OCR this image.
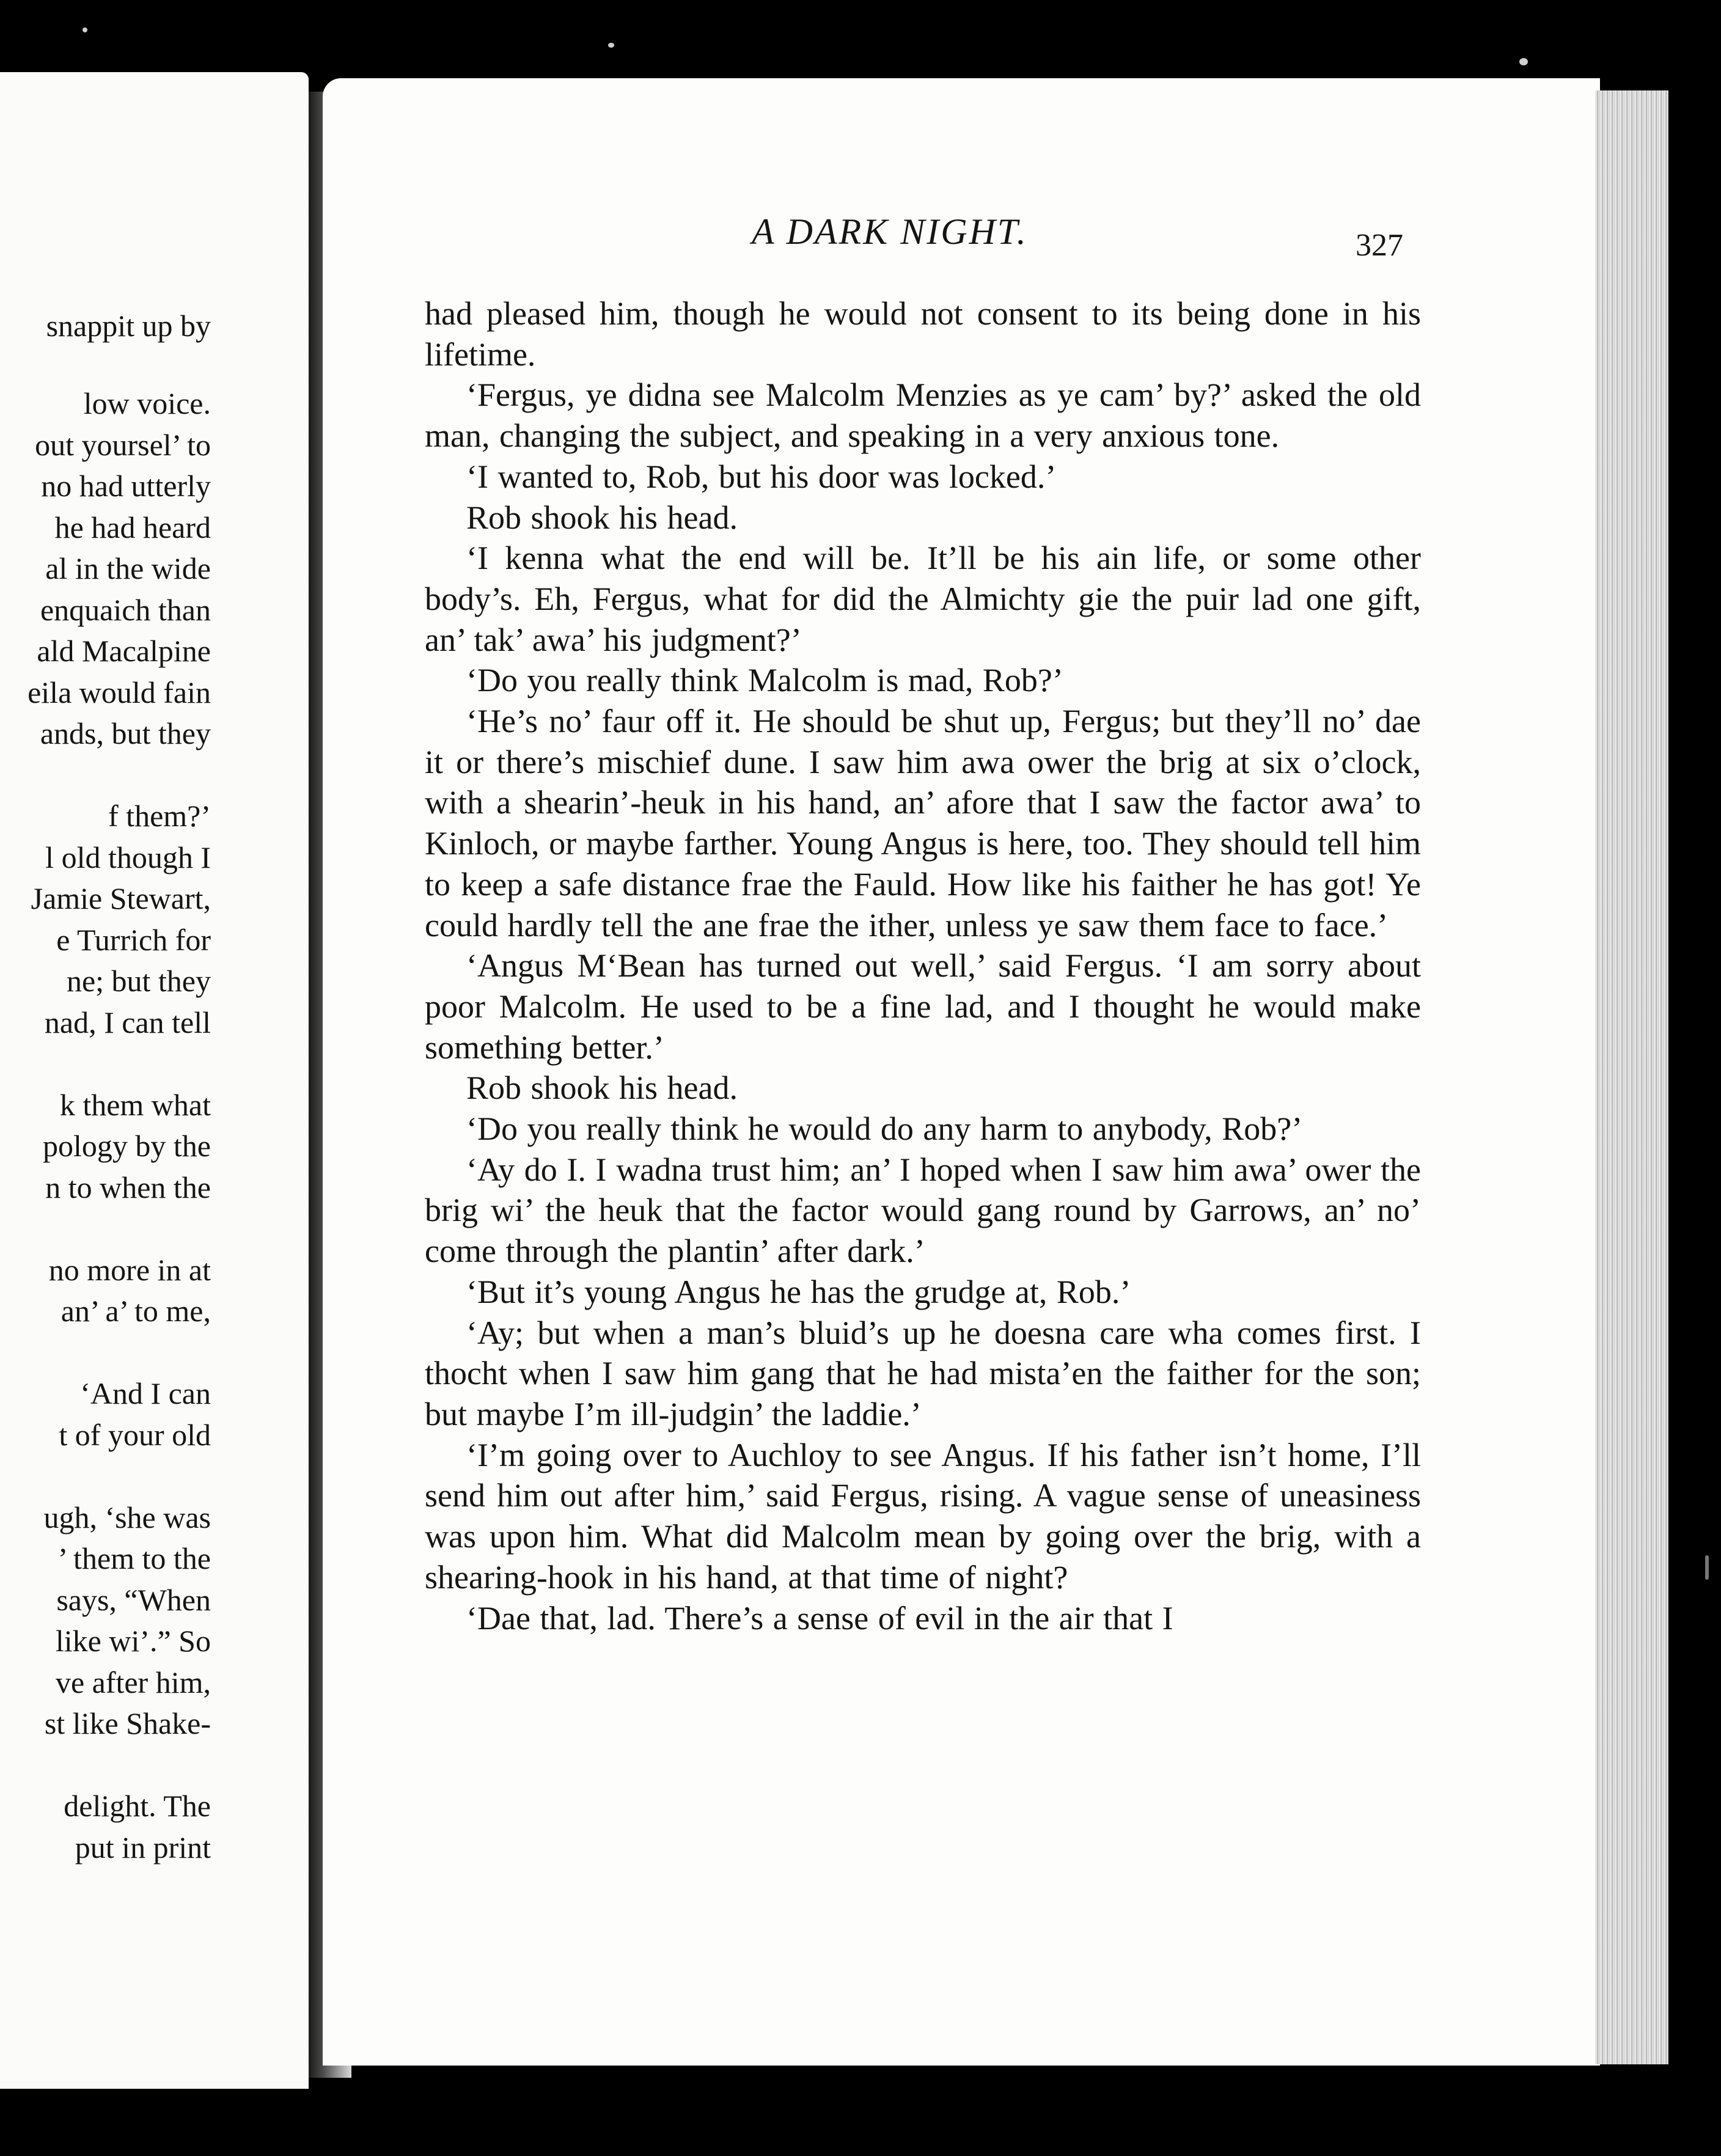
snappit up by
low voice.
out yoursel’ to
no had utterly
he had heard
al in the wide
enquaich than
ald Macalpine
eila would fain
ands, but they
f them?’
l old though I
Jamie Stewart,
e Turrich for
ne; but they
nad, I can tell
k them what
pology by the
n to when the
no more in at
an’ a’ to me,
‘And I can
t of your old
ugh, ‘she was
’ them to the
says, “When
like wi’.” So
ve after him,
st like Shake-
delight. The
put in print
A DARK NIGHT.	327

had pleased him, though he would not consent to its being done in his lifetime.

‘Fergus, ye didna see Malcolm Menzies as ye cam’ by?’ asked the old man, changing the subject, and speaking in a very anxious tone.

‘I wanted to, Rob, but his door was locked.’

Rob shook his head.

‘I kenna what the end will be. It’ll be his ain life, or some other body’s. Eh, Fergus, what for did the Almichty gie the puir lad one gift, an’ tak’ awa’ his judgment?’

‘Do you really think Malcolm is mad, Rob?’

‘He’s no’ faur off it. He should be shut up, Fergus; but they’ll no’ dae it or there’s mischief dune. I saw him awa ower the brig at six o’clock, with a shearin’-heuk in his hand, an’ afore that I saw the factor awa’ to Kinloch, or maybe farther. Young Angus is here, too. They should tell him to keep a safe distance frae the Fauld. How like his faither he has got! Ye could hardly tell the ane frae the ither, unless ye saw them face to face.’

‘Angus M‘Bean has turned out well,’ said Fergus. ‘I am sorry about poor Malcolm. He used to be a fine lad, and I thought he would make something better.’

Rob shook his head.

‘Do you really think he would do any harm to anybody, Rob?’

‘Ay do I. I wadna trust him; an’ I hoped when I saw him awa’ ower the brig wi’ the heuk that the factor would gang round by Garrows, an’ no’ come through the plantin’ after dark.’

‘But it’s young Angus he has the grudge at, Rob.’

‘Ay; but when a man’s bluid’s up he doesna care wha comes first. I thocht when I saw him gang that he had mista’en the faither for the son; but maybe I’m ill-judgin’ the laddie.’

‘I’m going over to Auchloy to see Angus. If his father isn’t home, I’ll send him out after him,’ said Fergus, rising. A vague sense of uneasiness was upon him. What did Malcolm mean by going over the brig, with a shearing-hook in his hand, at that time of night?

‘Dae that, lad. There’s a sense of evil in the air that I
